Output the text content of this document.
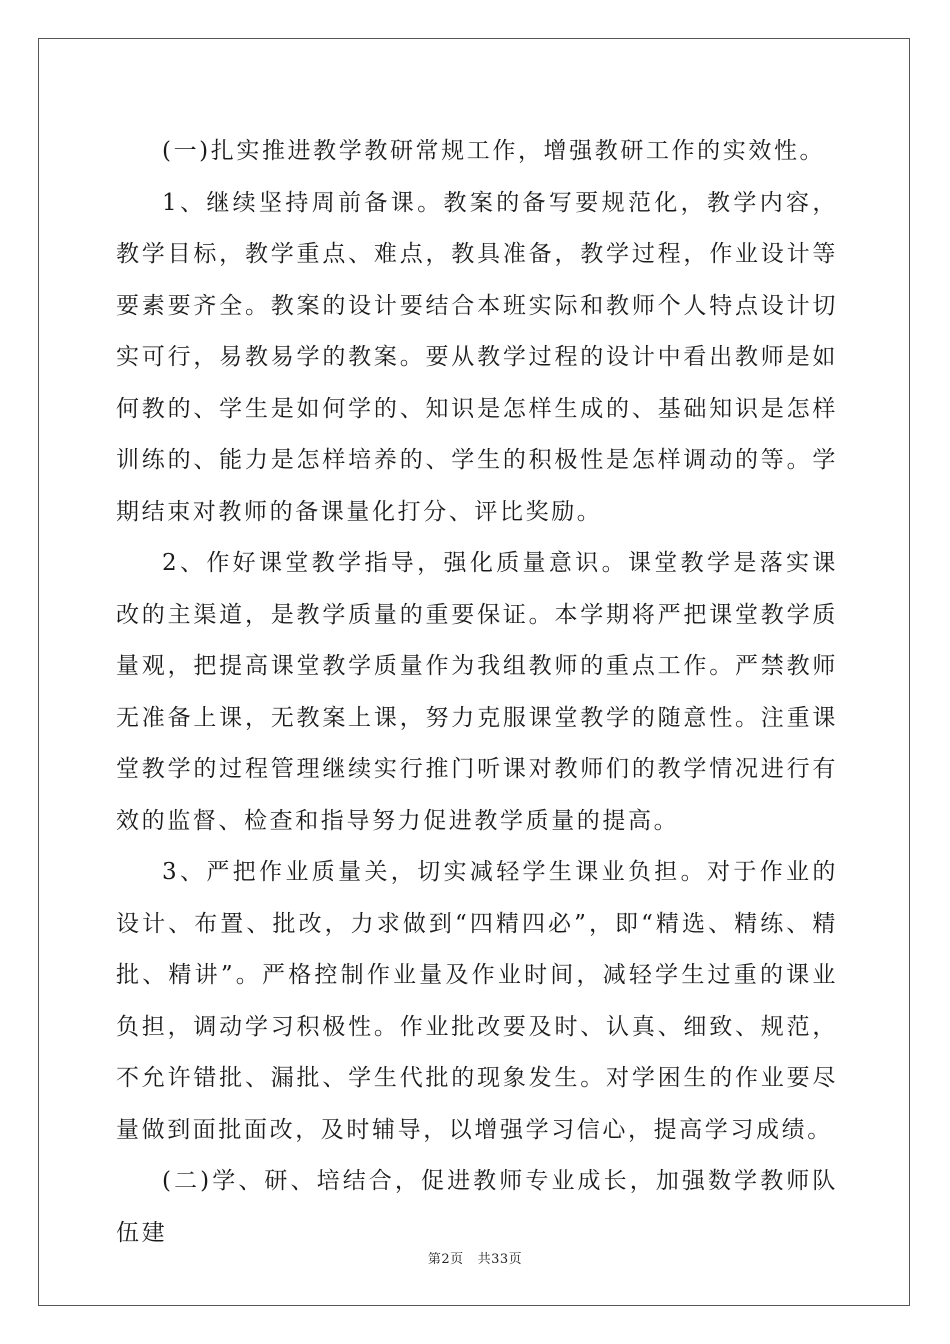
(一)扎实推进教学教研常规工作，增强教研工作的实效性。

1、继续坚持周前备课。教案的备写要规范化，教学内容，教学目标，教学重点、难点，教具准备，教学过程，作业设计等要素要齐全。教案的设计要结合本班实际和教师个人特点设计切实可行，易教易学的教案。要从教学过程的设计中看出教师是如何教的、学生是如何学的、知识是怎样生成的、基础知识是怎样训练的、能力是怎样培养的、学生的积极性是怎样调动的等。学期结束对教师的备课量化打分、评比奖励。

2、作好课堂教学指导，强化质量意识。课堂教学是落实课改的主渠道，是教学质量的重要保证。本学期将严把课堂教学质量观，把提高课堂教学质量作为我组教师的重点工作。严禁教师无准备上课，无教案上课，努力克服课堂教学的随意性。注重课堂教学的过程管理继续实行推门听课对教师们的教学情况进行有效的监督、检查和指导努力促进教学质量的提高。

3、严把作业质量关，切实减轻学生课业负担。对于作业的设计、布置、批改，力求做到“四精四必”，即“精选、精练、精批、精讲”。严格控制作业量及作业时间，减轻学生过重的课业负担，调动学习积极性。作业批改要及时、认真、细致、规范，不允许错批、漏批、学生代批的现象发生。对学困生的作业要尽量做到面批面改，及时辅导，以增强学习信心，提高学习成绩。

(二)学、研、培结合，促进教师专业成长，加强数学教师队伍建

第2页 共33页
